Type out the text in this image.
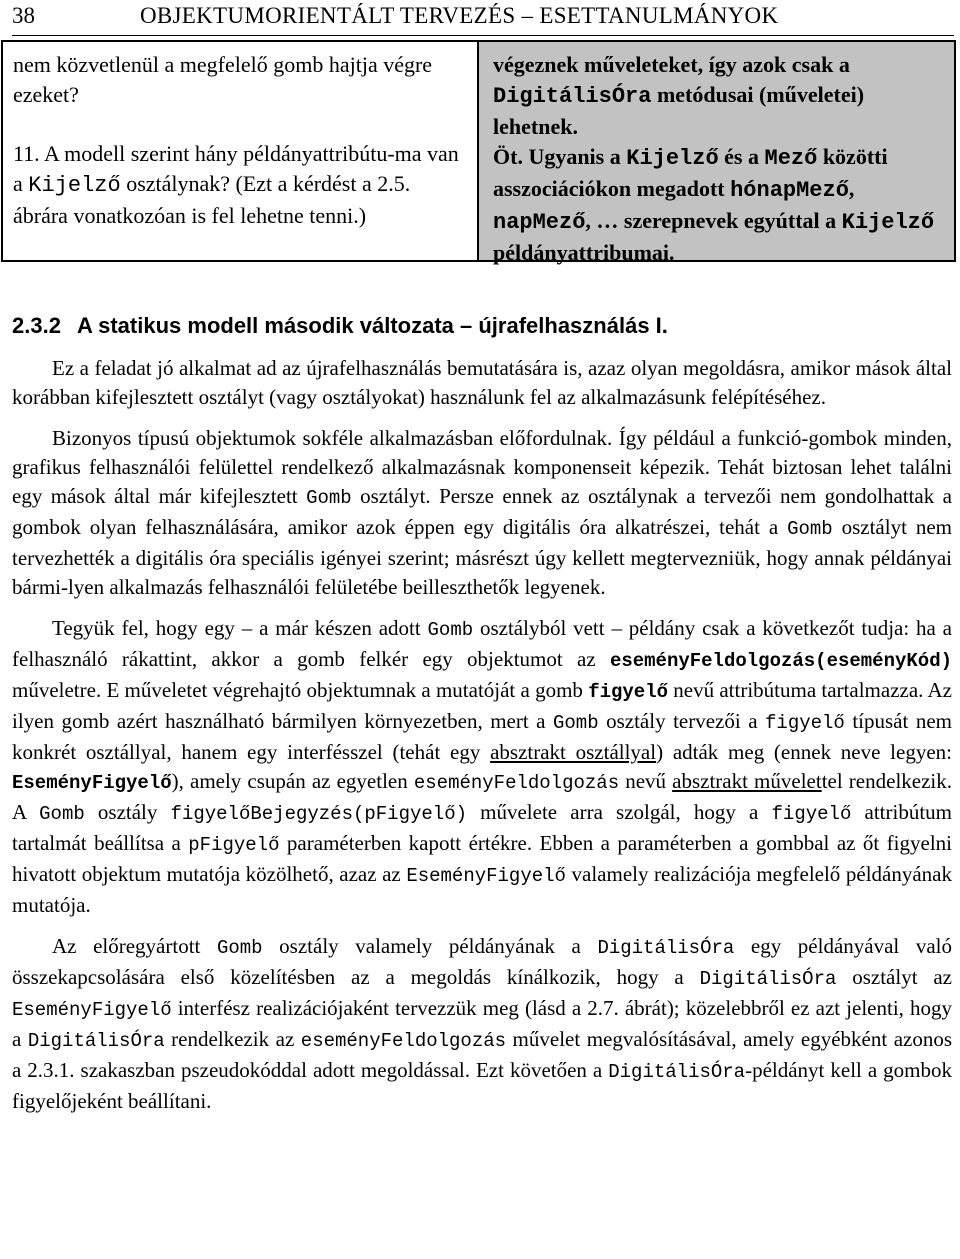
38	OBJEKTUMORIENTÁLT TERVEZÉS – ESETTANULMÁNYOK

nem közvetlenül a megfelelő gomb hajtja végre ezeket?

11. A modell szerint hány példányattribútu-ma van a Kijelző osztálynak? (Ezt a kérdést a 2.5. ábrára vonatkozóan is fel lehetne tenni.)

végeznek műveleteket, így azok csak a DigitálisÓra metódusai (műveletei) lehetnek.
Öt. Ugyanis a Kijelző és a Mező közötti asszociációkon megadott hónapMező, napMező, … szerepnevek egyúttal a Kijelző példányattribumai.

2.3.2 A statikus modell második változata – újrafelhasználás I.

Ez a feladat jó alkalmat ad az újrafelhasználás bemutatására is, azaz olyan megoldásra, amikor mások által korábban kifejlesztett osztályt (vagy osztályokat) használunk fel az alkalmazásunk felépítéséhez.

Bizonyos típusú objektumok sokféle alkalmazásban előfordulnak. Így például a funkció-gombok minden, grafikus felhasználói felülettel rendelkező alkalmazásnak komponenseit képezik. Tehát biztosan lehet találni egy mások által már kifejlesztett Gomb osztályt. Persze ennek az osztálynak a tervezői nem gondolhattak a gombok olyan felhasználására, amikor azok éppen egy digitális óra alkatrészei, tehát a Gomb osztályt nem tervezhették a digitális óra speciális igényei szerint; másrészt úgy kellett megtervezniük, hogy annak példányai bármi-lyen alkalmazás felhasználói felületébe beilleszthetők legyenek.

Tegyük fel, hogy egy – a már készen adott Gomb osztályból vett – példány csak a következőt tudja: ha a felhasználó rákattint, akkor a gomb felkér egy objektumot az eseményFeldolgozás(eseményKód) műveletre. E műveletet végrehajtó objektumnak a mutatóját a gomb figyelő nevű attribútuma tartalmazza. Az ilyen gomb azért használható bármilyen környezetben, mert a Gomb osztály tervezői a figyelő típusát nem konkrét osztállyal, hanem egy interfésszel (tehát egy absztrakt osztállyal) adták meg (ennek neve legyen: EseményFigyelő), amely csupán az egyetlen eseményFeldolgozás nevű absztrakt művelettel rendelkezik. A Gomb osztály figyelőBejegyzés(pFigyelő) művelete arra szolgál, hogy a figyelő attribútum tartalmát beállítsa a pFigyelő paraméterben kapott értékre. Ebben a paraméterben a gombbal az őt figyelni hivatott objektum mutatója közölhető, azaz az EseményFigyelő valamely realizációja megfelelő példányának mutatója.

Az előregyártott Gomb osztály valamely példányának a DigitálisÓra egy példányával való összekapcsolására első közelítésben az a megoldás kínálkozik, hogy a DigitálisÓra osztályt az EseményFigyelő interfész realizációjaként tervezzük meg (lásd a 2.7. ábrát); közelebbről ez azt jelenti, hogy a DigitálisÓra rendelkezik az eseményFeldolgozás művelet megvalósításával, amely egyébként azonos a 2.3.1. szakaszban pszeudokóddal adott megoldással. Ezt követően a DigitálisÓra-példányt kell a gombok figyelőjeként beállítani.
